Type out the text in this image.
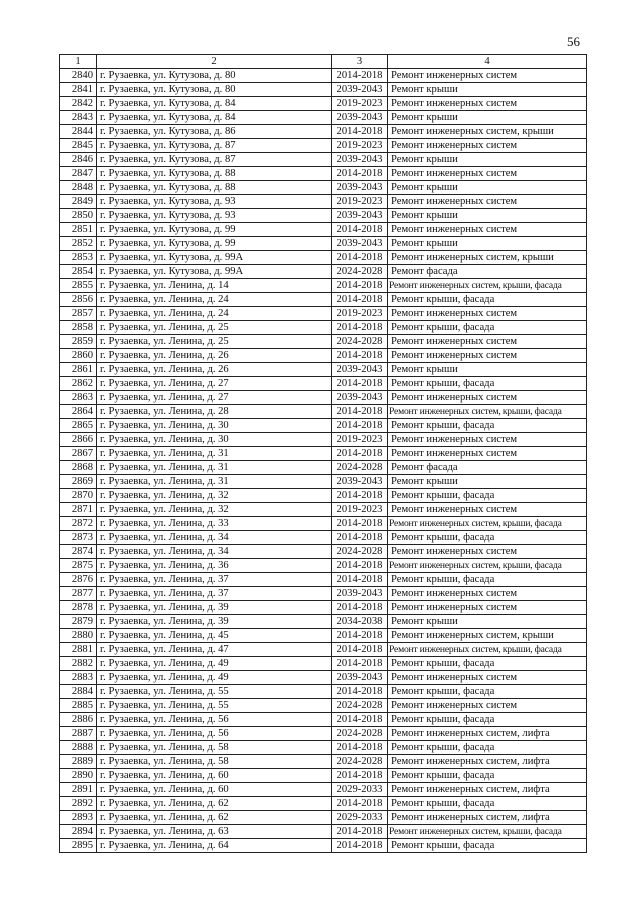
56
1	2	3	4
2840	г. Рузаевка, ул. Кутузова, д. 80	2014-2018	Ремонт инженерных систем
2841	г. Рузаевка, ул. Кутузова, д. 80	2039-2043	Ремонт крыши
2842	г. Рузаевка, ул. Кутузова, д. 84	2019-2023	Ремонт инженерных систем
2843	г. Рузаевка, ул. Кутузова, д. 84	2039-2043	Ремонт крыши
2844	г. Рузаевка, ул. Кутузова, д. 86	2014-2018	Ремонт инженерных систем, крыши
2845	г. Рузаевка, ул. Кутузова, д. 87	2019-2023	Ремонт инженерных систем
2846	г. Рузаевка, ул. Кутузова, д. 87	2039-2043	Ремонт крыши
2847	г. Рузаевка, ул. Кутузова, д. 88	2014-2018	Ремонт инженерных систем
2848	г. Рузаевка, ул. Кутузова, д. 88	2039-2043	Ремонт крыши
2849	г. Рузаевка, ул. Кутузова, д. 93	2019-2023	Ремонт инженерных систем
2850	г. Рузаевка, ул. Кутузова, д. 93	2039-2043	Ремонт крыши
2851	г. Рузаевка, ул. Кутузова, д. 99	2014-2018	Ремонт инженерных систем
2852	г. Рузаевка, ул. Кутузова, д. 99	2039-2043	Ремонт крыши
2853	г. Рузаевка, ул. Кутузова, д. 99А	2014-2018	Ремонт инженерных систем, крыши
2854	г. Рузаевка, ул. Кутузова, д. 99А	2024-2028	Ремонт фасада
2855	г. Рузаевка, ул. Ленина, д. 14	2014-2018	Ремонт инженерных систем, крыши, фасада
2856	г. Рузаевка, ул. Ленина, д. 24	2014-2018	Ремонт крыши, фасада
2857	г. Рузаевка, ул. Ленина, д. 24	2019-2023	Ремонт инженерных систем
2858	г. Рузаевка, ул. Ленина, д. 25	2014-2018	Ремонт крыши, фасада
2859	г. Рузаевка, ул. Ленина, д. 25	2024-2028	Ремонт инженерных систем
2860	г. Рузаевка, ул. Ленина, д. 26	2014-2018	Ремонт инженерных систем
2861	г. Рузаевка, ул. Ленина, д. 26	2039-2043	Ремонт крыши
2862	г. Рузаевка, ул. Ленина, д. 27	2014-2018	Ремонт крыши, фасада
2863	г. Рузаевка, ул. Ленина, д. 27	2039-2043	Ремонт инженерных систем
2864	г. Рузаевка, ул. Ленина, д. 28	2014-2018	Ремонт инженерных систем, крыши, фасада
2865	г. Рузаевка, ул. Ленина, д. 30	2014-2018	Ремонт крыши, фасада
2866	г. Рузаевка, ул. Ленина, д. 30	2019-2023	Ремонт инженерных систем
2867	г. Рузаевка, ул. Ленина, д. 31	2014-2018	Ремонт инженерных систем
2868	г. Рузаевка, ул. Ленина, д. 31	2024-2028	Ремонт фасада
2869	г. Рузаевка, ул. Ленина, д. 31	2039-2043	Ремонт крыши
2870	г. Рузаевка, ул. Ленина, д. 32	2014-2018	Ремонт крыши, фасада
2871	г. Рузаевка, ул. Ленина, д. 32	2019-2023	Ремонт инженерных систем
2872	г. Рузаевка, ул. Ленина, д. 33	2014-2018	Ремонт инженерных систем, крыши, фасада
2873	г. Рузаевка, ул. Ленина, д. 34	2014-2018	Ремонт крыши, фасада
2874	г. Рузаевка, ул. Ленина, д. 34	2024-2028	Ремонт инженерных систем
2875	г. Рузаевка, ул. Ленина, д. 36	2014-2018	Ремонт инженерных систем, крыши, фасада
2876	г. Рузаевка, ул. Ленина, д. 37	2014-2018	Ремонт крыши, фасада
2877	г. Рузаевка, ул. Ленина, д. 37	2039-2043	Ремонт инженерных систем
2878	г. Рузаевка, ул. Ленина, д. 39	2014-2018	Ремонт инженерных систем
2879	г. Рузаевка, ул. Ленина, д. 39	2034-2038	Ремонт крыши
2880	г. Рузаевка, ул. Ленина, д. 45	2014-2018	Ремонт инженерных систем, крыши
2881	г. Рузаевка, ул. Ленина, д. 47	2014-2018	Ремонт инженерных систем, крыши, фасада
2882	г. Рузаевка, ул. Ленина, д. 49	2014-2018	Ремонт крыши, фасада
2883	г. Рузаевка, ул. Ленина, д. 49	2039-2043	Ремонт инженерных систем
2884	г. Рузаевка, ул. Ленина, д. 55	2014-2018	Ремонт крыши, фасада
2885	г. Рузаевка, ул. Ленина, д. 55	2024-2028	Ремонт инженерных систем
2886	г. Рузаевка, ул. Ленина, д. 56	2014-2018	Ремонт крыши, фасада
2887	г. Рузаевка, ул. Ленина, д. 56	2024-2028	Ремонт инженерных систем, лифта
2888	г. Рузаевка, ул. Ленина, д. 58	2014-2018	Ремонт крыши, фасада
2889	г. Рузаевка, ул. Ленина, д. 58	2024-2028	Ремонт инженерных систем, лифта
2890	г. Рузаевка, ул. Ленина, д. 60	2014-2018	Ремонт крыши, фасада
2891	г. Рузаевка, ул. Ленина, д. 60	2029-2033	Ремонт инженерных систем, лифта
2892	г. Рузаевка, ул. Ленина, д. 62	2014-2018	Ремонт крыши, фасада
2893	г. Рузаевка, ул. Ленина, д. 62	2029-2033	Ремонт инженерных систем, лифта
2894	г. Рузаевка, ул. Ленина, д. 63	2014-2018	Ремонт инженерных систем, крыши, фасада
2895	г. Рузаевка, ул. Ленина, д. 64	2014-2018	Ремонт крыши, фасада
